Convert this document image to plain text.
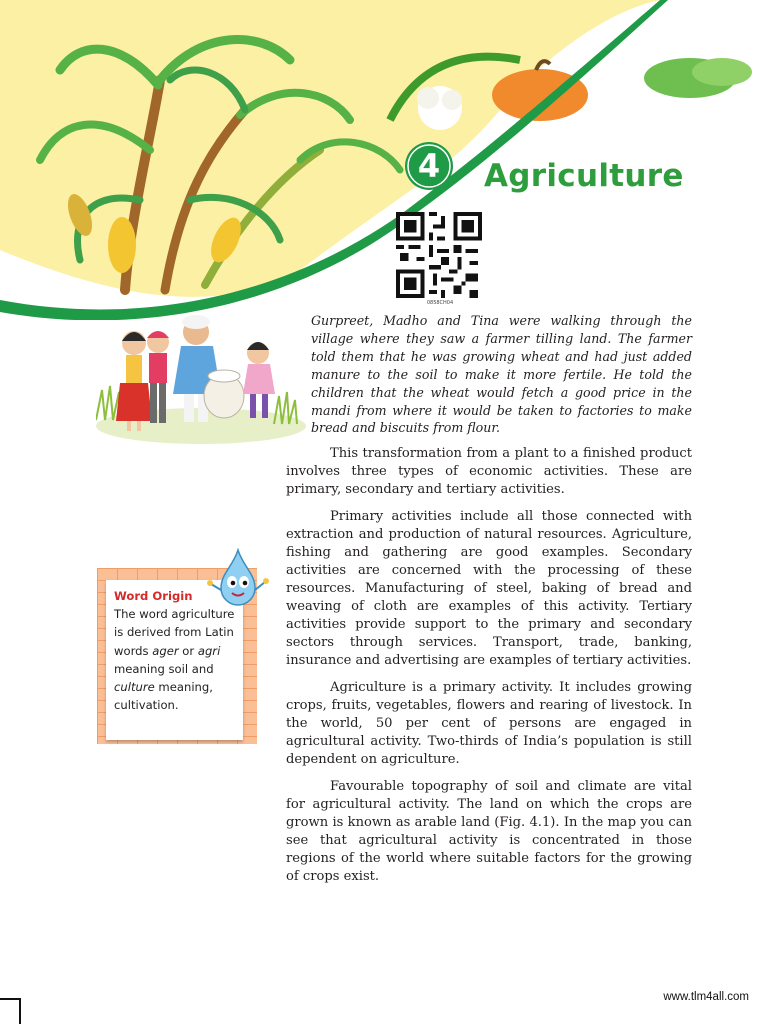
4 Agriculture
0858CH04

Gurpreet, Madho and Tina were walking through the village where they saw a farmer tilling land. The farmer told them that he was growing wheat and had just added manure to the soil to make it more fertile. He told the children that the wheat would fetch a good price in the mandi from where it would be taken to factories to make bread and biscuits from flour.

This transformation from a plant to a finished product involves three types of economic activities. These are primary, secondary and tertiary activities.

Primary activities include all those connected with extraction and production of natural resources. Agriculture, fishing and gathering are good examples. Secondary activities are concerned with the processing of these resources. Manufacturing of steel, baking of bread and weaving of cloth are examples of this activity. Tertiary activities provide support to the primary and secondary sectors through services. Transport, trade, banking, insurance and advertising are examples of tertiary activities.

Agriculture is a primary activity. It includes growing crops, fruits, vegetables, flowers and rearing of livestock. In the world, 50 per cent of persons are engaged in agricultural activity. Two-thirds of India’s population is still dependent on agriculture.

Favourable topography of soil and climate are vital for agricultural activity. The land on which the crops are grown is known as arable land (Fig. 4.1). In the map you can see that agricultural activity is concentrated in those regions of the world where suitable factors for the growing of crops exist.

Word Origin
The word agriculture is derived from Latin words ager or agri meaning soil and culture meaning, cultivation.
www.tlm4all.com
